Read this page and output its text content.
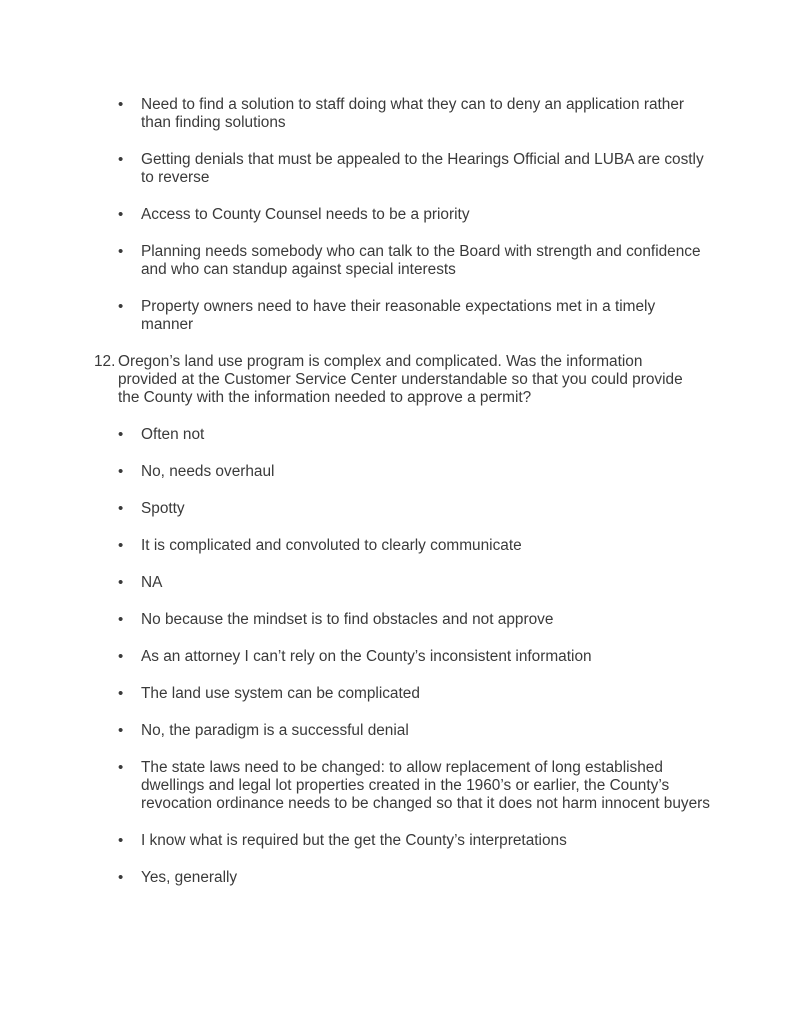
• Need to find a solution to staff doing what they can to deny an application rather than finding solutions
• Getting denials that must be appealed to the Hearings Official and LUBA are costly to reverse
• Access to County Counsel needs to be a priority
• Planning needs somebody who can talk to the Board with strength and confidence and who can standup against special interests
• Property owners need to have their reasonable expectations met in a timely manner
12. Oregon’s land use program is complex and complicated. Was the information provided at the Customer Service Center understandable so that you could provide the County with the information needed to approve a permit?
• Often not
• No, needs overhaul
• Spotty
• It is complicated and convoluted to clearly communicate
• NA
• No because the mindset is to find obstacles and not approve
• As an attorney I can’t rely on the County’s inconsistent information
• The land use system can be complicated
• No, the paradigm is a successful denial
• The state laws need to be changed: to allow replacement of long established dwellings and legal lot properties created in the 1960’s or earlier, the County’s revocation ordinance needs to be changed so that it does not harm innocent buyers
• I know what is required but the get the County’s interpretations
• Yes, generally
